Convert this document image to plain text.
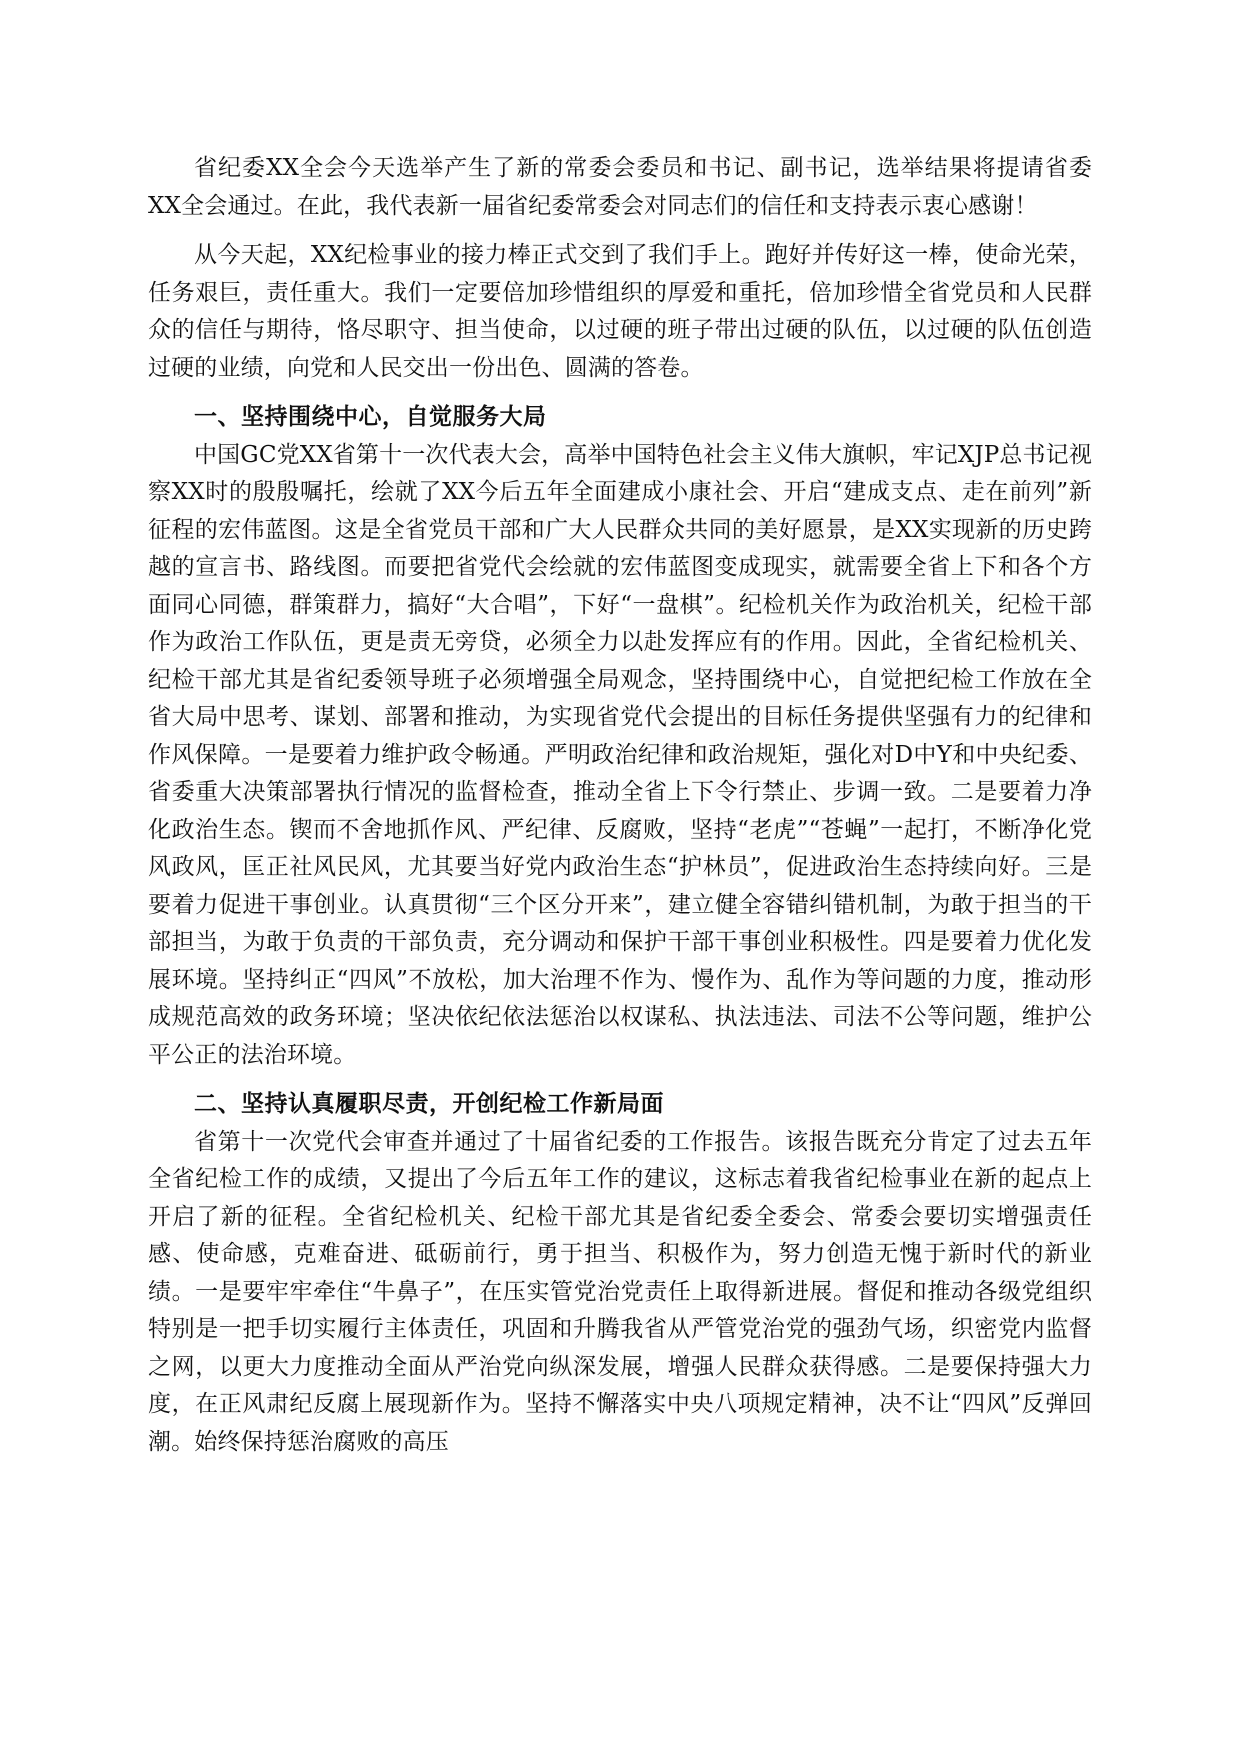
省纪委XX全会今天选举产生了新的常委会委员和书记、副书记，选举结果将提请省委XX全会通过。在此，我代表新一届省纪委常委会对同志们的信任和支持表示衷心感谢！

从今天起，XX纪检事业的接力棒正式交到了我们手上。跑好并传好这一棒，使命光荣，任务艰巨，责任重大。我们一定要倍加珍惜组织的厚爱和重托，倍加珍惜全省党员和人民群众的信任与期待，恪尽职守、担当使命，以过硬的班子带出过硬的队伍，以过硬的队伍创造过硬的业绩，向党和人民交出一份出色、圆满的答卷。

一、坚持围绕中心，自觉服务大局

中国GC党XX省第十一次代表大会，高举中国特色社会主义伟大旗帜，牢记XJP总书记视察XX时的殷殷嘱托，绘就了XX今后五年全面建成小康社会、开启“建成支点、走在前列”新征程的宏伟蓝图。这是全省党员干部和广大人民群众共同的美好愿景，是XX实现新的历史跨越的宣言书、路线图。而要把省党代会绘就的宏伟蓝图变成现实，就需要全省上下和各个方面同心同德，群策群力，搞好“大合唱”，下好“一盘棋”。纪检机关作为政治机关，纪检干部作为政治工作队伍，更是责无旁贷，必须全力以赴发挥应有的作用。因此，全省纪检机关、纪检干部尤其是省纪委领导班子必须增强全局观念，坚持围绕中心，自觉把纪检工作放在全省大局中思考、谋划、部署和推动，为实现省党代会提出的目标任务提供坚强有力的纪律和作风保障。一是要着力维护政令畅通。严明政治纪律和政治规矩，强化对D中Y和中央纪委、省委重大决策部署执行情况的监督检查，推动全省上下令行禁止、步调一致。二是要着力净化政治生态。锲而不舍地抓作风、严纪律、反腐败，坚持“老虎”“苍蝇”一起打，不断净化党风政风，匡正社风民风，尤其要当好党内政治生态“护林员”，促进政治生态持续向好。三是要着力促进干事创业。认真贯彻“三个区分开来”，建立健全容错纠错机制，为敢于担当的干部担当，为敢于负责的干部负责，充分调动和保护干部干事创业积极性。四是要着力优化发展环境。坚持纠正“四风”不放松，加大治理不作为、慢作为、乱作为等问题的力度，推动形成规范高效的政务环境；坚决依纪依法惩治以权谋私、执法违法、司法不公等问题，维护公平公正的法治环境。

二、坚持认真履职尽责，开创纪检工作新局面

省第十一次党代会审查并通过了十届省纪委的工作报告。该报告既充分肯定了过去五年全省纪检工作的成绩，又提出了今后五年工作的建议，这标志着我省纪检事业在新的起点上开启了新的征程。全省纪检机关、纪检干部尤其是省纪委全委会、常委会要切实增强责任感、使命感，克难奋进、砥砺前行，勇于担当、积极作为，努力创造无愧于新时代的新业绩。一是要牢牢牵住“牛鼻子”，在压实管党治党责任上取得新进展。督促和推动各级党组织特别是一把手切实履行主体责任，巩固和升腾我省从严管党治党的强劲气场，织密党内监督之网，以更大力度推动全面从严治党向纵深发展，增强人民群众获得感。二是要保持强大力度，在正风肃纪反腐上展现新作为。坚持不懈落实中央八项规定精神，决不让“四风”反弹回潮。始终保持惩治腐败的高压
